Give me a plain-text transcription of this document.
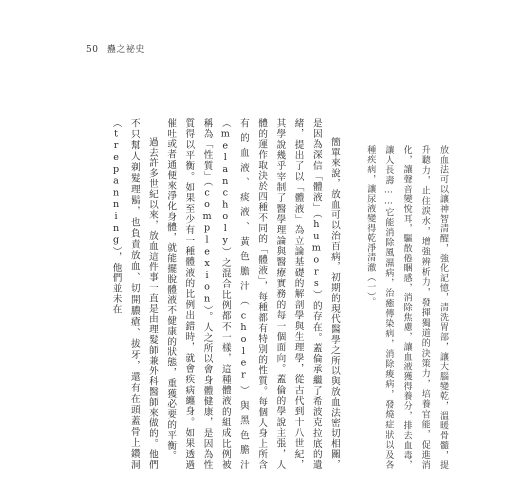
50 蠱之祕史

放血法可以讓神智清醒，強化記憶，清洗胃部，讓大腦變乾，溫暖骨髓，提升聽力，止住淚水，增強辨析力，發揮獨道的決策力，培養官能，促進消化，讓聲音變悅耳，驅散倦睏感，消除焦慮，讓血液獲得養分，排去血毒，讓人長壽……它能消除風濕病，治癒傳染病，消除痠病，發燒症狀以及各種疾病，讓尿液變得乾淨清澈（一）。

簡單來說，放血可以治百病，初期的現代醫學之所以與放血法密切相關，是因為深信「體液」（humors）的存在。蓋倫承繼了希波克拉底的遺緒，提出了以「體液」為立論基礎的解剖學與生理學，從古代到十八世紀，其學說幾乎宰制了醫學理論與醫療實務的每一個面向。蓋倫的學說主張，人體的運作取決於四種不同的「體液」，每種都有特別的性質。每個人身上所含有的血液、痰液、黃色膽汁（choler）與黑色膽汁（melancholy）之混合比例都不一樣，這種體液的組成比例被稱為「性質」（complexion）。人之所以會身體健康，是因為性質得以平衡。如果至少有一種體液的比例出錯時，就會疾病纏身。如果透過催吐或者通便來淨化身體，就能擺脫體液不健康的狀態，重獲必要的平衡。

過去許多世紀以來，放血這件事一直是由理髮師兼外科醫師來做的。他們不只幫人剃髮理鬍，也負責放血、切開膿瘡、拔牙，還有在頭蓋骨上鑽洞（trepanning），他們並未在
